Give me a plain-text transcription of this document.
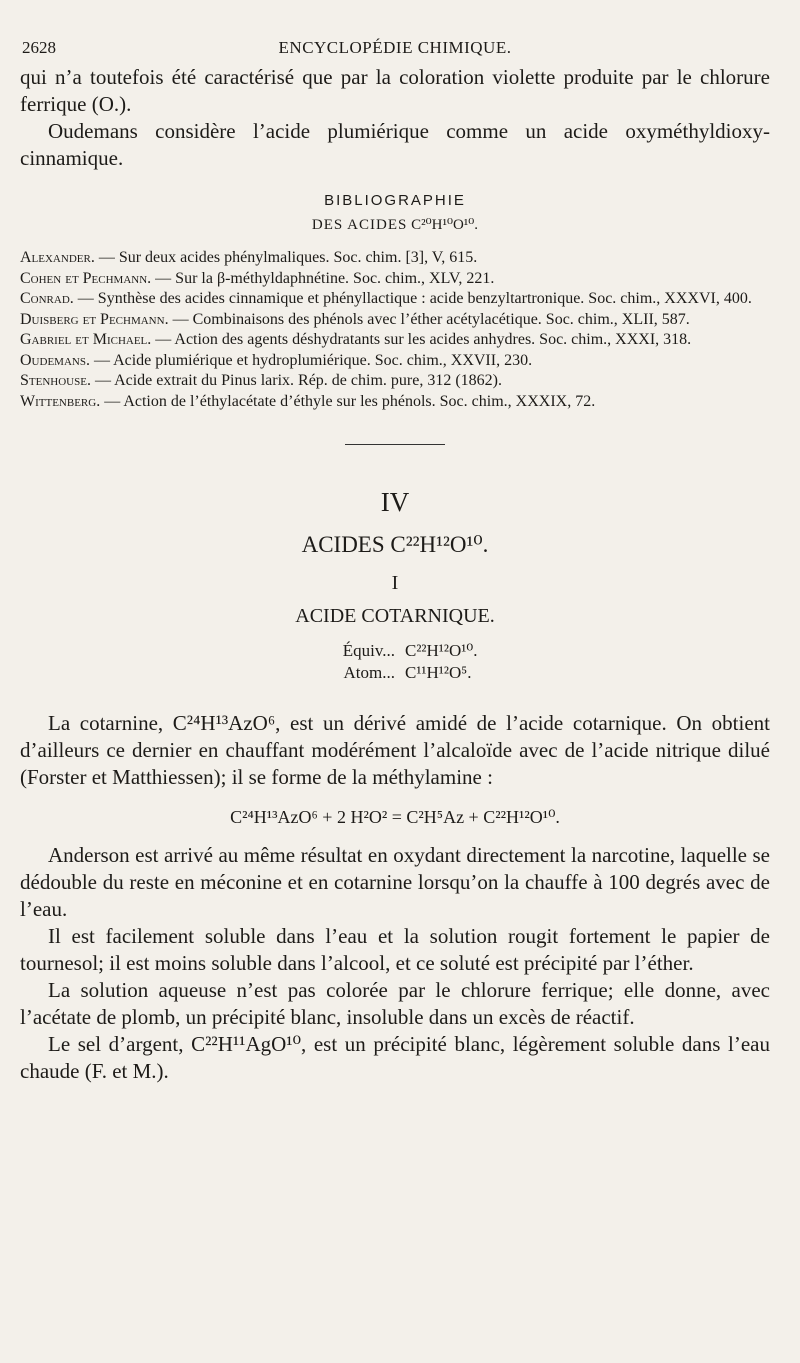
2628	ENCYCLOPÉDIE CHIMIQUE.

qui n’a toutefois été caractérisé que par la coloration violette produite par le chlorure ferrique (O.).

Oudemans considère l’acide plumiérique comme un acide oxyméthyldioxy-cinnamique.

BIBLIOGRAPHIE
DES ACIDES C²⁰H¹⁰O¹⁰.
Alexander. — Sur deux acides phénylmaliques. Soc. chim. [3], V, 615.
Cohen et Pechmann. — Sur la β-méthyldaphnétine. Soc. chim., XLV, 221.
Conrad. — Synthèse des acides cinnamique et phényllactique : acide benzyltartronique. Soc. chim., XXXVI, 400.
Duisberg et Pechmann. — Combinaisons des phénols avec l’éther acétylacétique. Soc. chim., XLII, 587.
Gabriel et Michael. — Action des agents déshydratants sur les acides anhydres. Soc. chim., XXXI, 318.
Oudemans. — Acide plumiérique et hydroplumiérique. Soc. chim., XXVII, 230.
Stenhouse. — Acide extrait du Pinus larix. Rép. de chim. pure, 312 (1862).
Wittenberg. — Action de l’éthylacétate d’éthyle sur les phénols. Soc. chim., XXXIX, 72.
IV
ACIDES C²²H¹²O¹⁰.
I
ACIDE COTARNIQUE.
Équiv... C²²H¹²O¹⁰.
Atom... C¹¹H¹²O⁵.

La cotarnine, C²⁴H¹³AzO⁶, est un dérivé amidé de l’acide cotarnique. On obtient d’ailleurs ce dernier en chauffant modérément l’alcaloïde avec de l’acide nitrique dilué (Forster et Matthiessen); il se forme de la méthylamine :

C²⁴H¹³AzO⁶ + 2 H²O² = C²H⁵Az + C²²H¹²O¹⁰.

Anderson est arrivé au même résultat en oxydant directement la narcotine, laquelle se dédouble du reste en méconine et en cotarnine lorsqu’on la chauffe à 100 degrés avec de l’eau.

Il est facilement soluble dans l’eau et la solution rougit fortement le papier de tournesol; il est moins soluble dans l’alcool, et ce soluté est précipité par l’éther.

La solution aqueuse n’est pas colorée par le chlorure ferrique; elle donne, avec l’acétate de plomb, un précipité blanc, insoluble dans un excès de réactif.

Le sel d’argent, C²²H¹¹AgO¹⁰, est un précipité blanc, légèrement soluble dans l’eau chaude (F. et M.).
